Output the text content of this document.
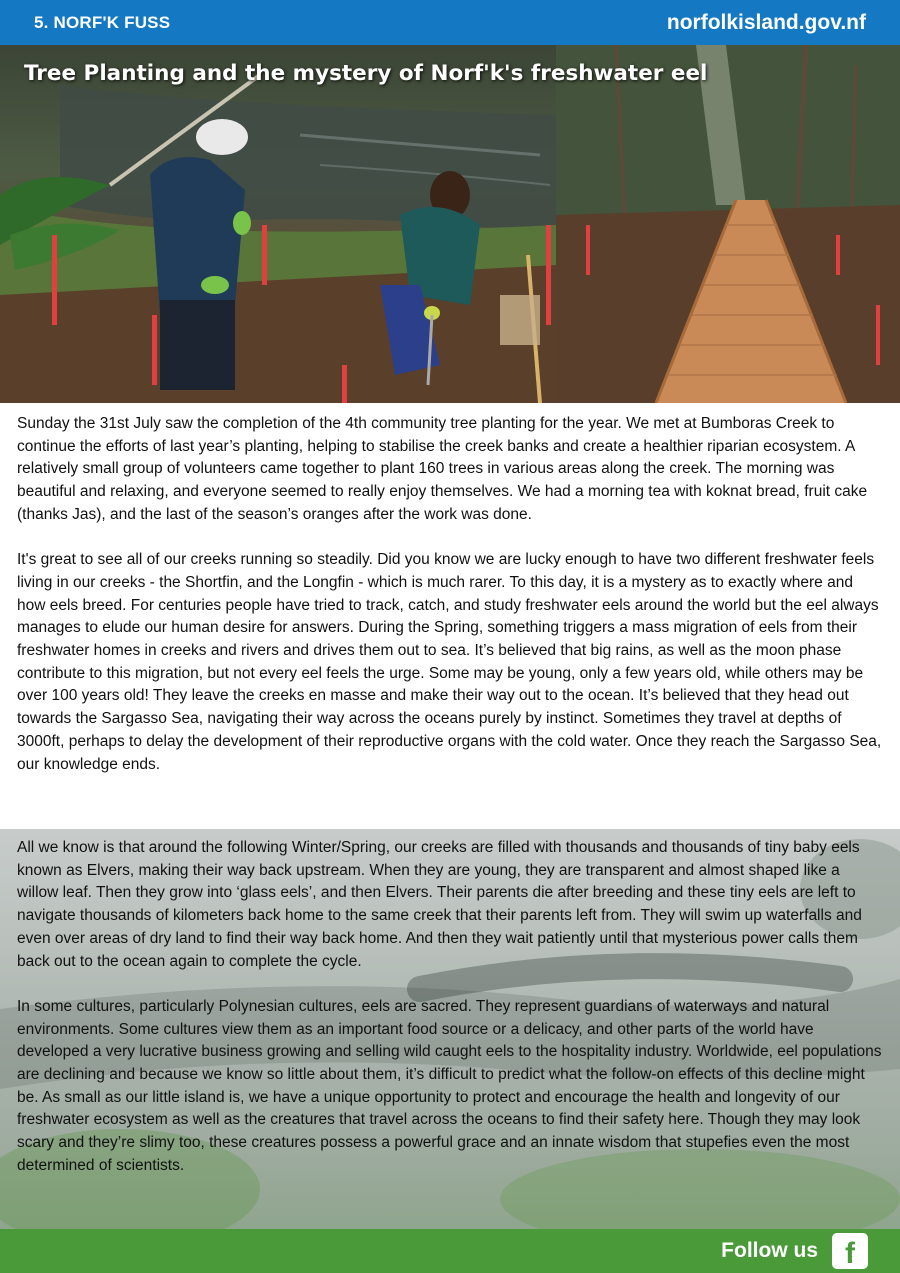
5. NORF'K FUSS	norfolkisland.gov.nf
Tree Planting and the mystery of Norf'k's freshwater eel

Sunday the 31st July saw the completion of the 4th community tree planting for the year. We met at Bumboras Creek to continue the efforts of last year’s planting, helping to stabilise the creek banks and create a healthier riparian ecosystem. A relatively small group of volunteers came together to plant 160 trees in various areas along the creek. The morning was beautiful and relaxing, and everyone seemed to really enjoy themselves. We had a morning tea with koknat bread, fruit cake (thanks Jas), and the last of the season’s oranges after the work was done.

It's great to see all of our creeks running so steadily. Did you know we are lucky enough to have two different freshwater feels living in our creeks - the Shortfin, and the Longfin - which is much rarer. To this day, it is a mystery as to exactly where and how eels breed. For centuries people have tried to track, catch, and study freshwater eels around the world but the eel always manages to elude our human desire for answers. During the Spring, something triggers a mass migration of eels from their freshwater homes in creeks and rivers and drives them out to sea. It’s believed that big rains, as well as the moon phase contribute to this migration, but not every eel feels the urge. Some may be young, only a few years old, while others may be over 100 years old! They leave the creeks en masse and make their way out to the ocean. It’s believed that they head out towards the Sargasso Sea, navigating their way across the oceans purely by instinct. Sometimes they travel at depths of 3000ft, perhaps to delay the development of their reproductive organs with the cold water. Once they reach the Sargasso Sea, our knowledge ends.

All we know is that around the following Winter/Spring, our creeks are filled with thousands and thousands of tiny baby eels known as Elvers, making their way back upstream. When they are young, they are transparent and almost shaped like a willow leaf. Then they grow into ‘glass eels’, and then Elvers. Their parents die after breeding and these tiny eels are left to navigate thousands of kilometers back home to the same creek that their parents left from. They will swim up waterfalls and even over areas of dry land to find their way back home. And then they wait patiently until that mysterious power calls them back out to the ocean again to complete the cycle.

In some cultures, particularly Polynesian cultures, eels are sacred. They represent guardians of waterways and natural environments. Some cultures view them as an important food source or a delicacy, and other parts of the world have developed a very lucrative business growing and selling wild caught eels to the hospitality industry. Worldwide, eel populations are declining and because we know so little about them, it’s difficult to predict what the follow-on effects of this decline might be. As small as our little island is, we have a unique opportunity to protect and encourage the health and longevity of our freshwater ecosystem as well as the creatures that travel across the oceans to find their safety here. Though they may look scary and they’re slimy too, these creatures possess a powerful grace and an innate wisdom that stupefies even the most determined of scientists.

Follow us f
